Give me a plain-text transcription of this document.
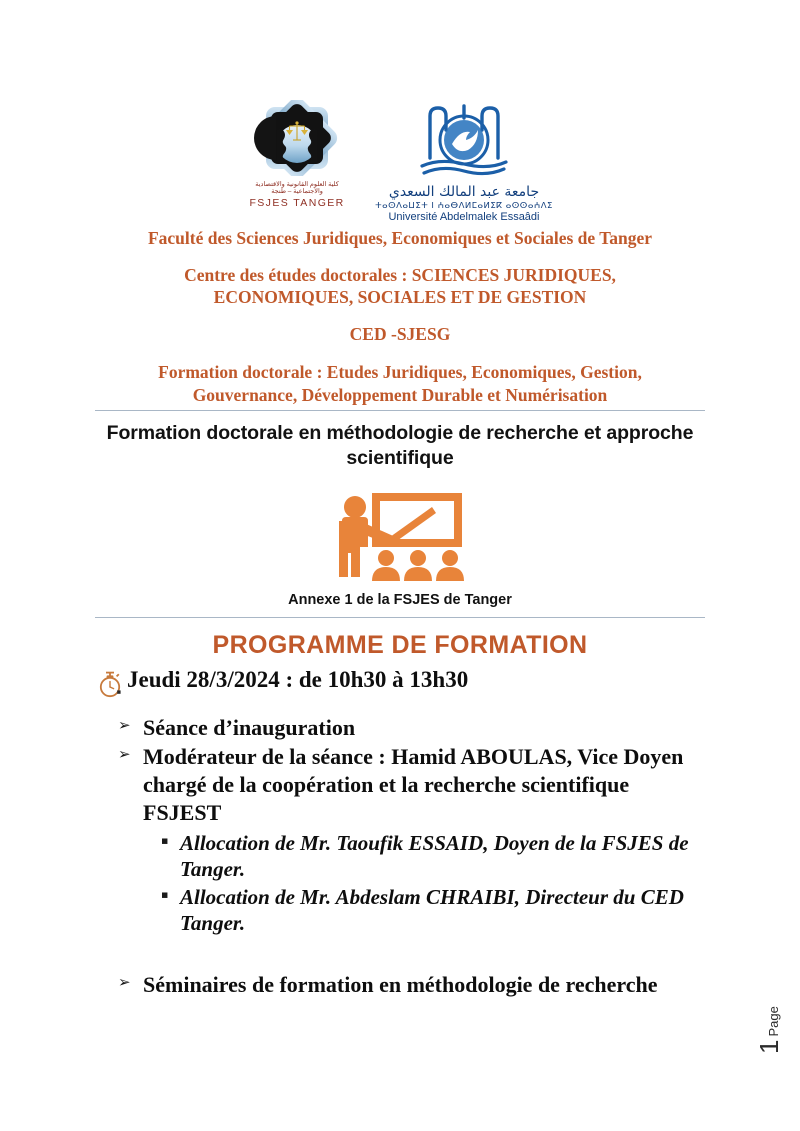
كلية العلوم القانونية والاقتصادية
والاجتماعية – طنجة
FSJES TANGER
جامعة عبد المالك السعدي
ⵜⴰⵙⴷⴰⵡⵉⵜ ⵏ ⵄⴰⴱⴷⵍⵎⴰⵍⵉⴽ ⴰⵙⵙⴰⵄⴷⵉ
Université Abdelmalek Essaâdi
Faculté des Sciences Juridiques, Economiques et Sociales de Tanger
Centre des études doctorales : SCIENCES JURIDIQUES,
ECONOMIQUES, SOCIALES ET DE GESTION
CED -SJESG
Formation doctorale : Etudes Juridiques, Economiques, Gestion,
Gouvernance, Développement Durable et Numérisation
Formation doctorale en méthodologie de recherche et approche scientifique
Annexe 1 de la FSJES de Tanger
PROGRAMME DE FORMATION
Jeudi 28/3/2024 : de 10h30 à 13h30
➢ Séance d’inauguration
➢ Modérateur de la séance : Hamid ABOULAS, Vice Doyen chargé de la coopération et la recherche scientifique FSJEST
▪ Allocation de Mr. Taoufik ESSAID, Doyen de la FSJES de Tanger.
▪ Allocation de Mr. Abdeslam CHRAIBI, Directeur du CED Tanger.
➢ Séminaires de formation en méthodologie de recherche
1
Page
